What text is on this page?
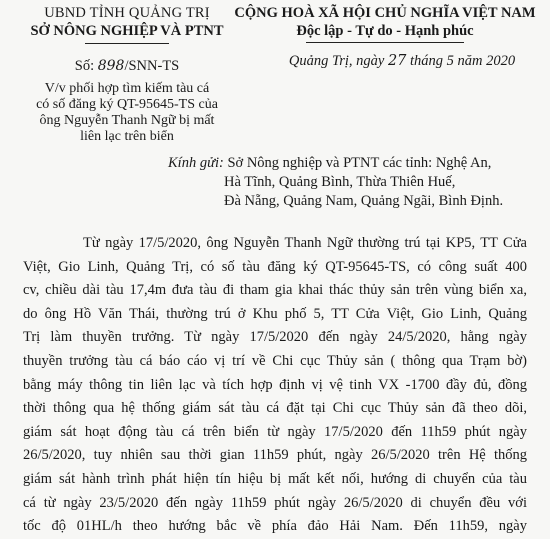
UBND TỈNH QUẢNG TRỊ
SỞ NÔNG NGHIỆP VÀ PTNT
Số: 898/SNN-TS
V/v phối hợp tìm kiếm tàu cá
có số đăng ký QT-95645-TS của
ông Nguyễn Thanh Ngữ bị mất
liên lạc trên biển
CỘNG HOÀ XÃ HỘI CHỦ NGHĨA VIỆT NAM
Độc lập - Tự do - Hạnh phúc
Quảng Trị, ngày 27 tháng 5 năm 2020
Kính gửi: Sở Nông nghiệp và PTNT các tỉnh: Nghệ An,
Hà Tĩnh, Quảng Bình, Thừa Thiên Huế,
Đà Nẵng, Quảng Nam, Quảng Ngãi, Bình Định.
Từ ngày 17/5/2020, ông Nguyễn Thanh Ngữ thường trú tại KP5, TT Cửa
Việt, Gio Linh, Quảng Trị, có số tàu đăng ký QT-95645-TS, có công suất 400
cv, chiều dài tàu 17,4m đưa tàu đi tham gia khai thác thủy sản trên vùng biển xa,
do ông Hồ Văn Thái, thường trú ở Khu phố 5, TT Cửa Việt, Gio Linh, Quảng
Trị làm thuyền trưởng. Từ ngày 17/5/2020 đến ngày 24/5/2020, hằng ngày
thuyền trưởng tàu cá báo cáo vị trí về Chi cục Thủy sản ( thông qua Trạm bờ)
bằng máy thông tin liên lạc và tích hợp định vị vệ tinh VX -1700 đầy đủ, đồng
thời thông qua hệ thống giám sát tàu cá đặt tại Chi cục Thủy sản đã theo dõi,
giám sát hoạt động tàu cá trên biển từ ngày 17/5/2020 đến 11h59 phút ngày
26/5/2020, tuy nhiên sau thời gian 11h59 phút, ngày 26/5/2020 trên Hệ thống
giám sát hành trình phát hiện tín hiệu bị mất kết nối, hướng di chuyển của tàu
cá từ ngày 23/5/2020 đến ngày 11h59 phút ngày 26/5/2020 di chuyển đều với
tốc độ 01HL/h theo hướng bắc về phía đảo Hải Nam. Đến 11h59, ngày
